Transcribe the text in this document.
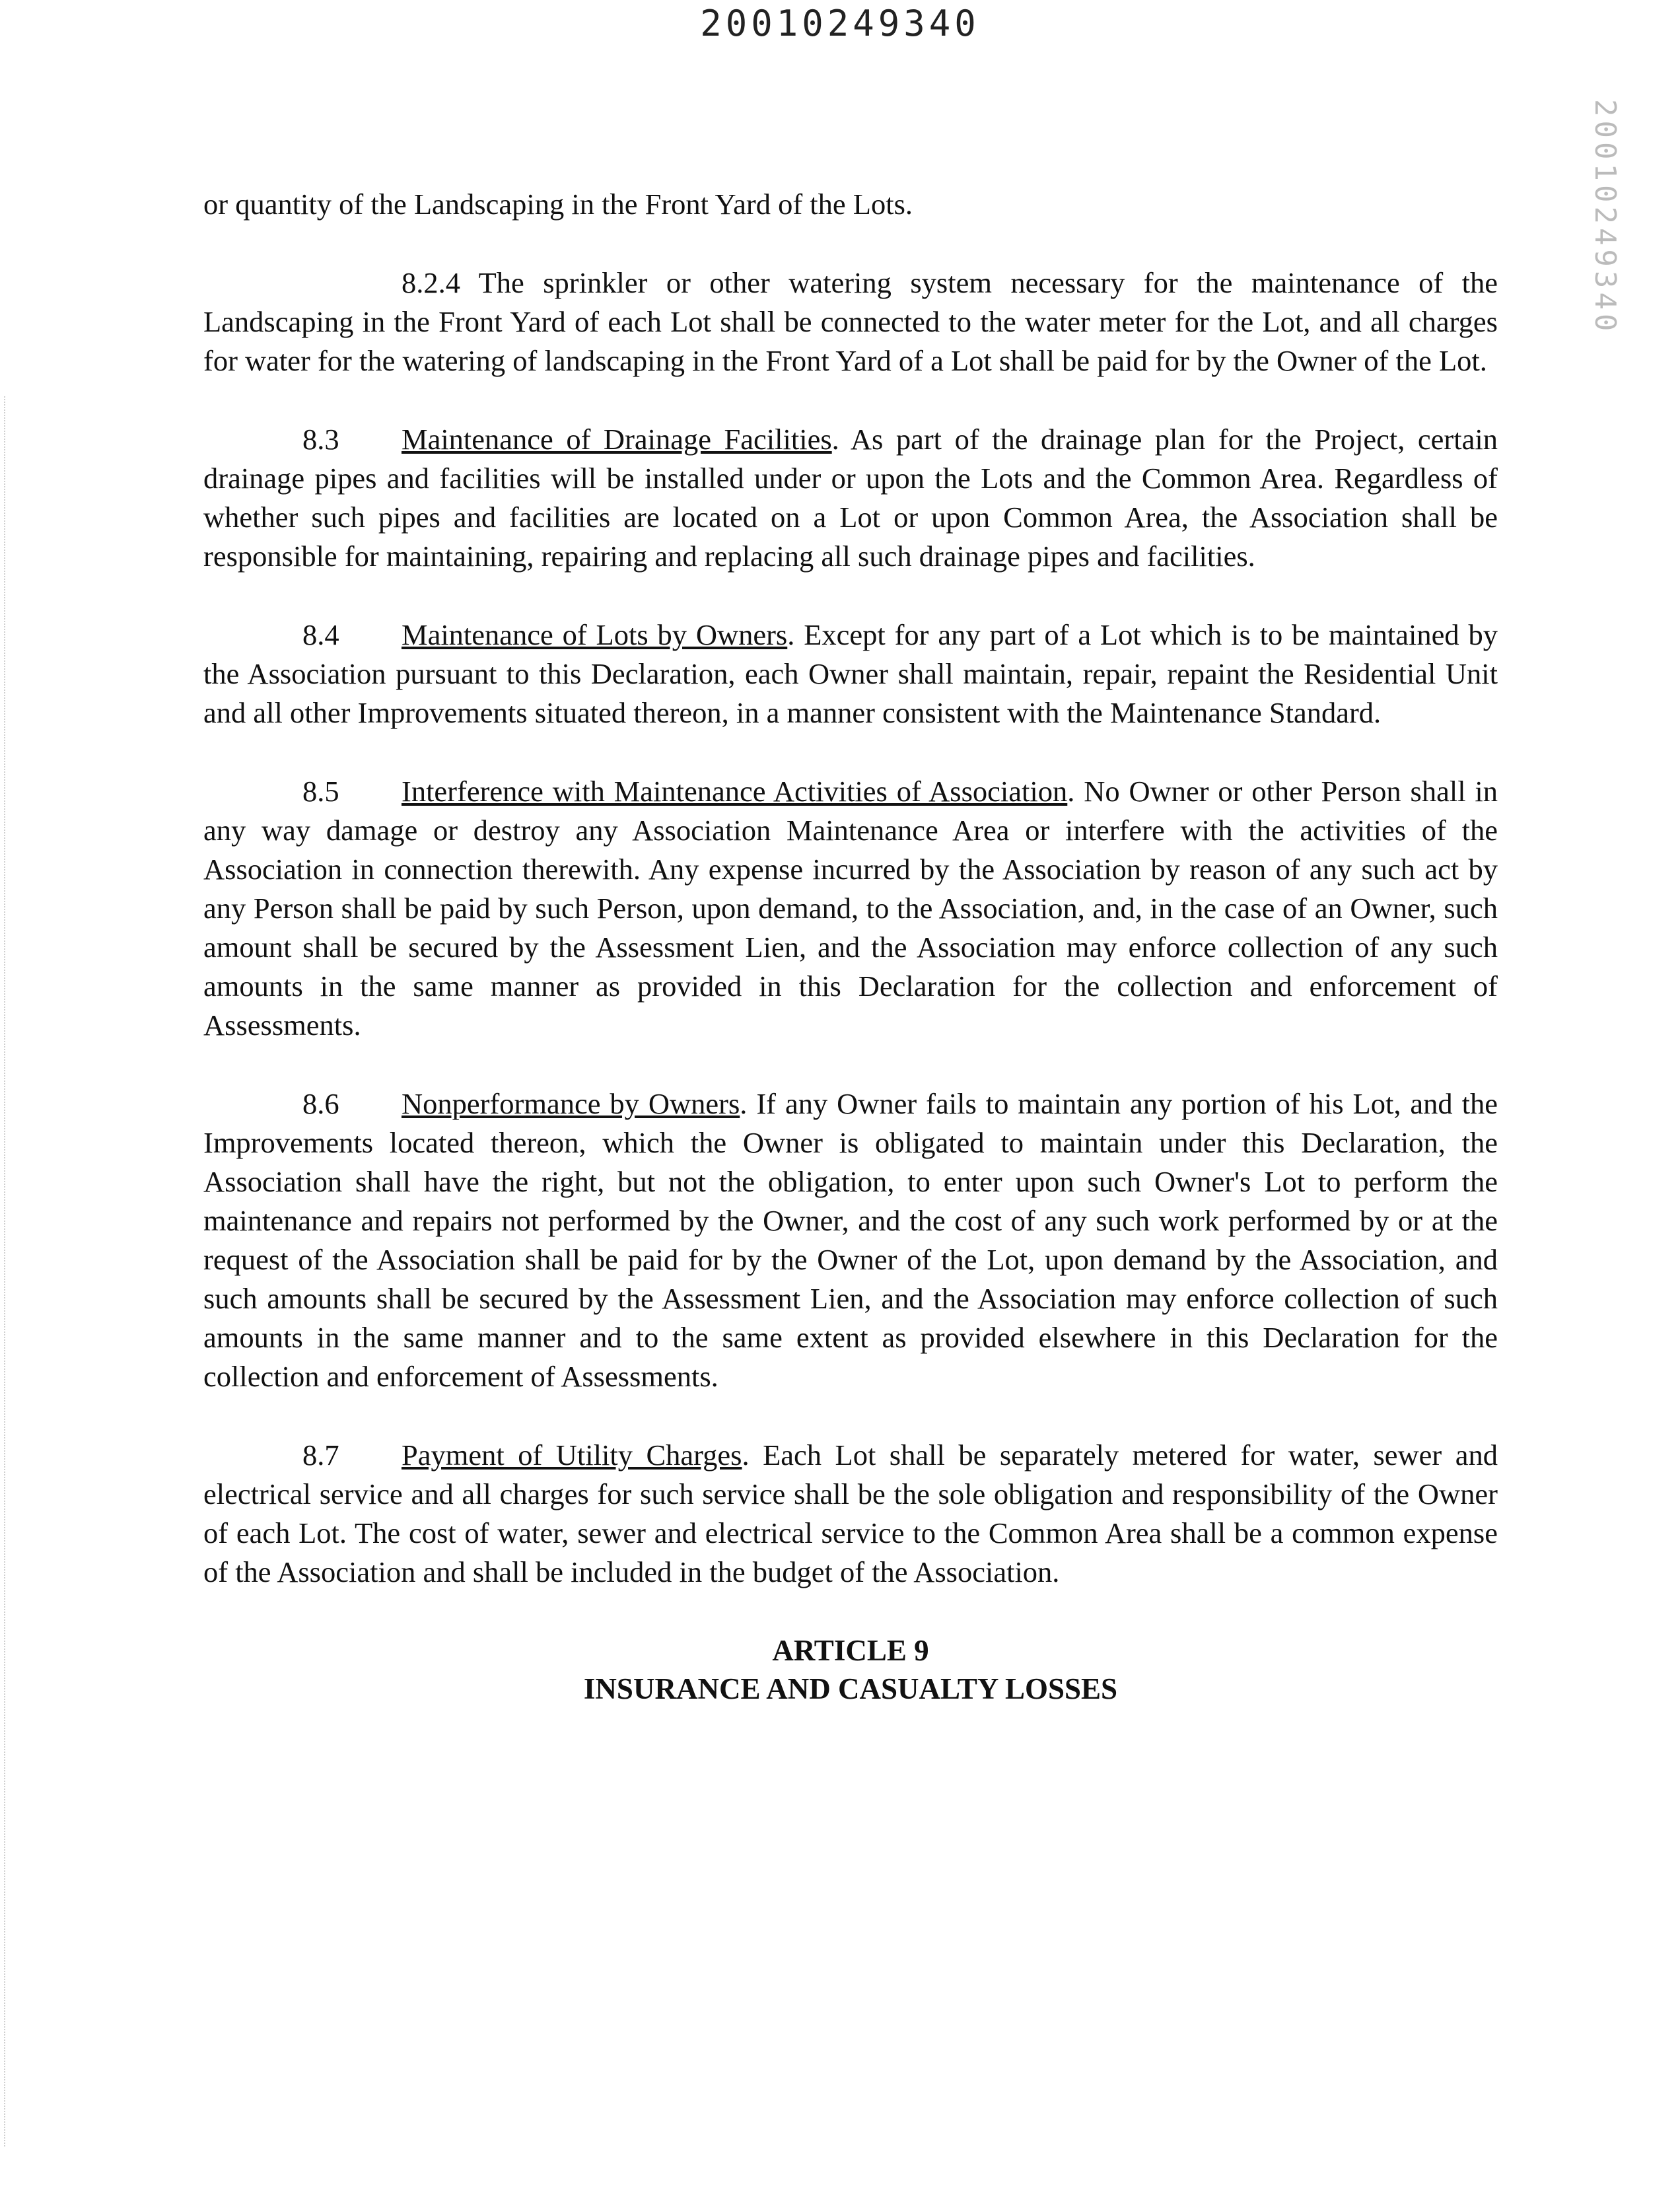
20010249340
20010249340

or quantity of the Landscaping in the Front Yard of the Lots.

8.2.4 The sprinkler or other watering system necessary for the maintenance of the Landscaping in the Front Yard of each Lot shall be connected to the water meter for the Lot, and all charges for water for the watering of landscaping in the Front Yard of a Lot shall be paid for by the Owner of the Lot.

8.3 Maintenance of Drainage Facilities. As part of the drainage plan for the Project, certain drainage pipes and facilities will be installed under or upon the Lots and the Common Area. Regardless of whether such pipes and facilities are located on a Lot or upon Common Area, the Association shall be responsible for maintaining, repairing and replacing all such drainage pipes and facilities.

8.4 Maintenance of Lots by Owners. Except for any part of a Lot which is to be maintained by the Association pursuant to this Declaration, each Owner shall maintain, repair, repaint the Residential Unit and all other Improvements situated thereon, in a manner consistent with the Maintenance Standard.

8.5 Interference with Maintenance Activities of Association. No Owner or other Person shall in any way damage or destroy any Association Maintenance Area or interfere with the activities of the Association in connection therewith. Any expense incurred by the Association by reason of any such act by any Person shall be paid by such Person, upon demand, to the Association, and, in the case of an Owner, such amount shall be secured by the Assessment Lien, and the Association may enforce collection of any such amounts in the same manner as provided in this Declaration for the collection and enforcement of Assessments.

8.6 Nonperformance by Owners. If any Owner fails to maintain any portion of his Lot, and the Improvements located thereon, which the Owner is obligated to maintain under this Declaration, the Association shall have the right, but not the obligation, to enter upon such Owner's Lot to perform the maintenance and repairs not performed by the Owner, and the cost of any such work performed by or at the request of the Association shall be paid for by the Owner of the Lot, upon demand by the Association, and such amounts shall be secured by the Assessment Lien, and the Association may enforce collection of such amounts in the same manner and to the same extent as provided elsewhere in this Declaration for the collection and enforcement of Assessments.

8.7 Payment of Utility Charges. Each Lot shall be separately metered for water, sewer and electrical service and all charges for such service shall be the sole obligation and responsibility of the Owner of each Lot. The cost of water, sewer and electrical service to the Common Area shall be a common expense of the Association and shall be included in the budget of the Association.

ARTICLE 9
INSURANCE AND CASUALTY LOSSES
